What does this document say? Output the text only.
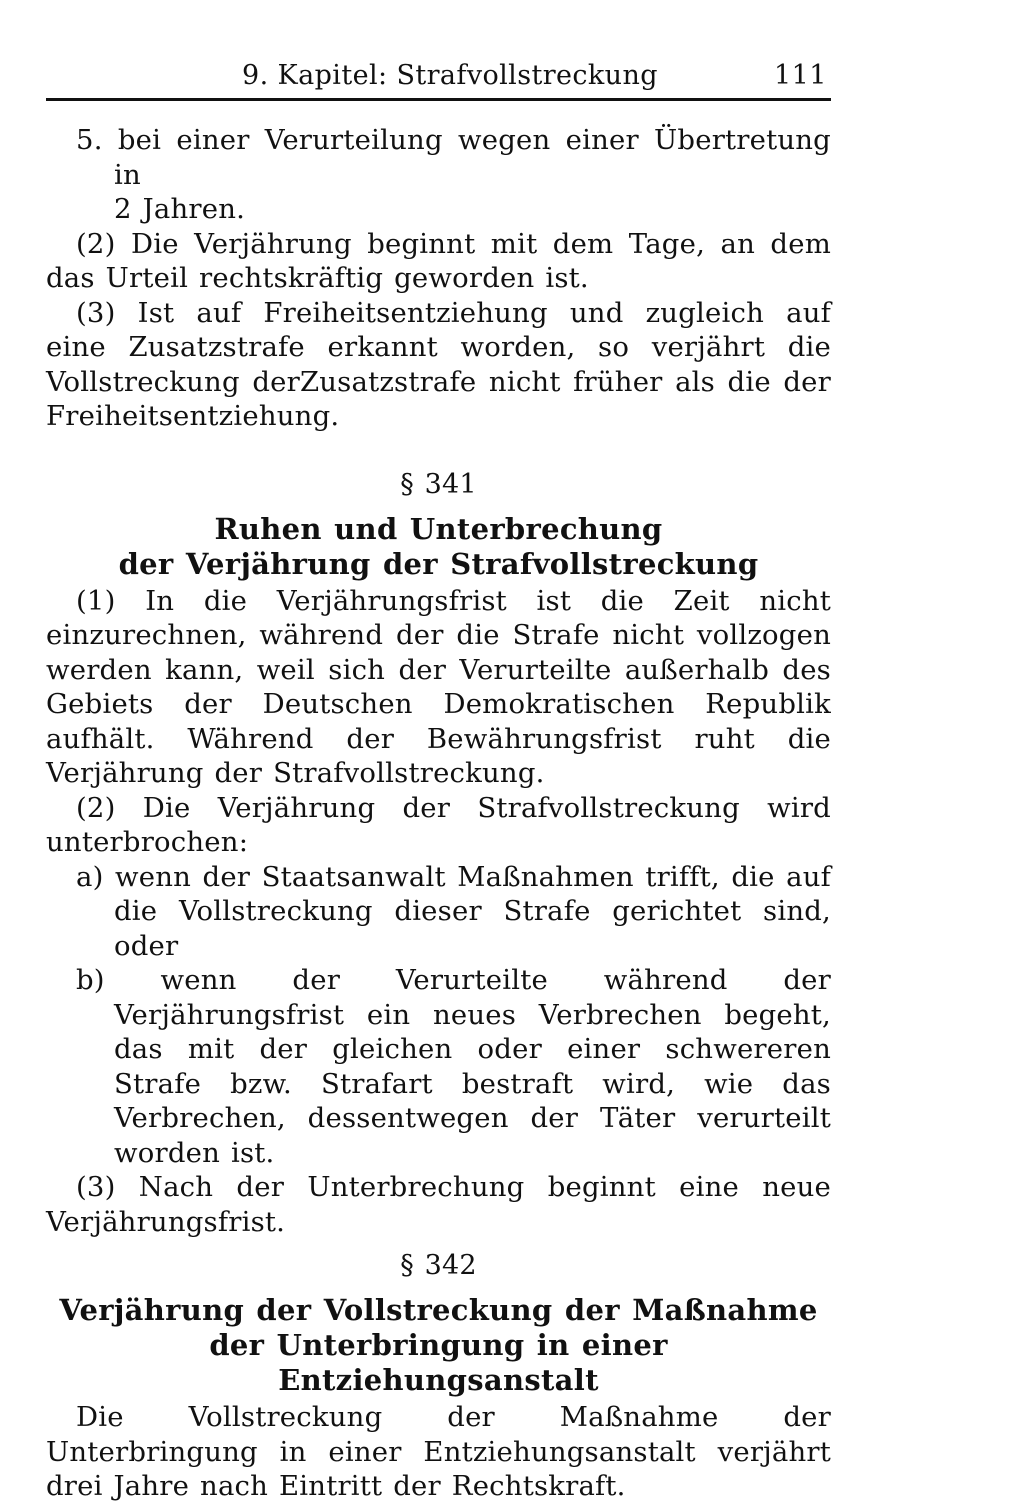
9. Kapitel: Strafvollstreckung	111

5. bei einer Verurteilung wegen einer Übertretung in
2 Jahren.

(2) Die Verjährung beginnt mit dem Tage, an dem das Urteil rechtskräftig geworden ist.

(3) Ist auf Freiheitsentziehung und zugleich auf eine Zusatzstrafe erkannt worden, so verjährt die Vollstreckung derZusatzstrafe nicht früher als die der Freiheitsentziehung.

§ 341

Ruhen und Unterbrechung

der Verjährung der Strafvollstreckung

(1) In die Verjährungsfrist ist die Zeit nicht einzurechnen, während der die Strafe nicht vollzogen werden kann, weil sich der Verurteilte außerhalb des Gebiets der Deutschen Demokratischen Republik aufhält. Während der Bewährungsfrist ruht die Verjährung der Strafvollstreckung.

(2) Die Verjährung der Strafvollstreckung wird unterbrochen:

a) wenn der Staatsanwalt Maßnahmen trifft, die auf die Vollstreckung dieser Strafe gerichtet sind, oder

b) wenn der Verurteilte während der Verjährungsfrist ein neues Verbrechen begeht, das mit der gleichen oder einer schwereren Strafe bzw. Strafart bestraft wird, wie das Verbrechen, dessentwegen der Täter verurteilt worden ist.

(3) Nach der Unterbrechung beginnt eine neue Verjährungsfrist.

§ 342

Verjährung der Vollstreckung der Maßnahme

der Unterbringung in einer Entziehungsanstalt

Die Vollstreckung der Maßnahme der Unterbringung in einer Entziehungsanstalt verjährt drei Jahre nach Eintritt der Rechtskraft.
